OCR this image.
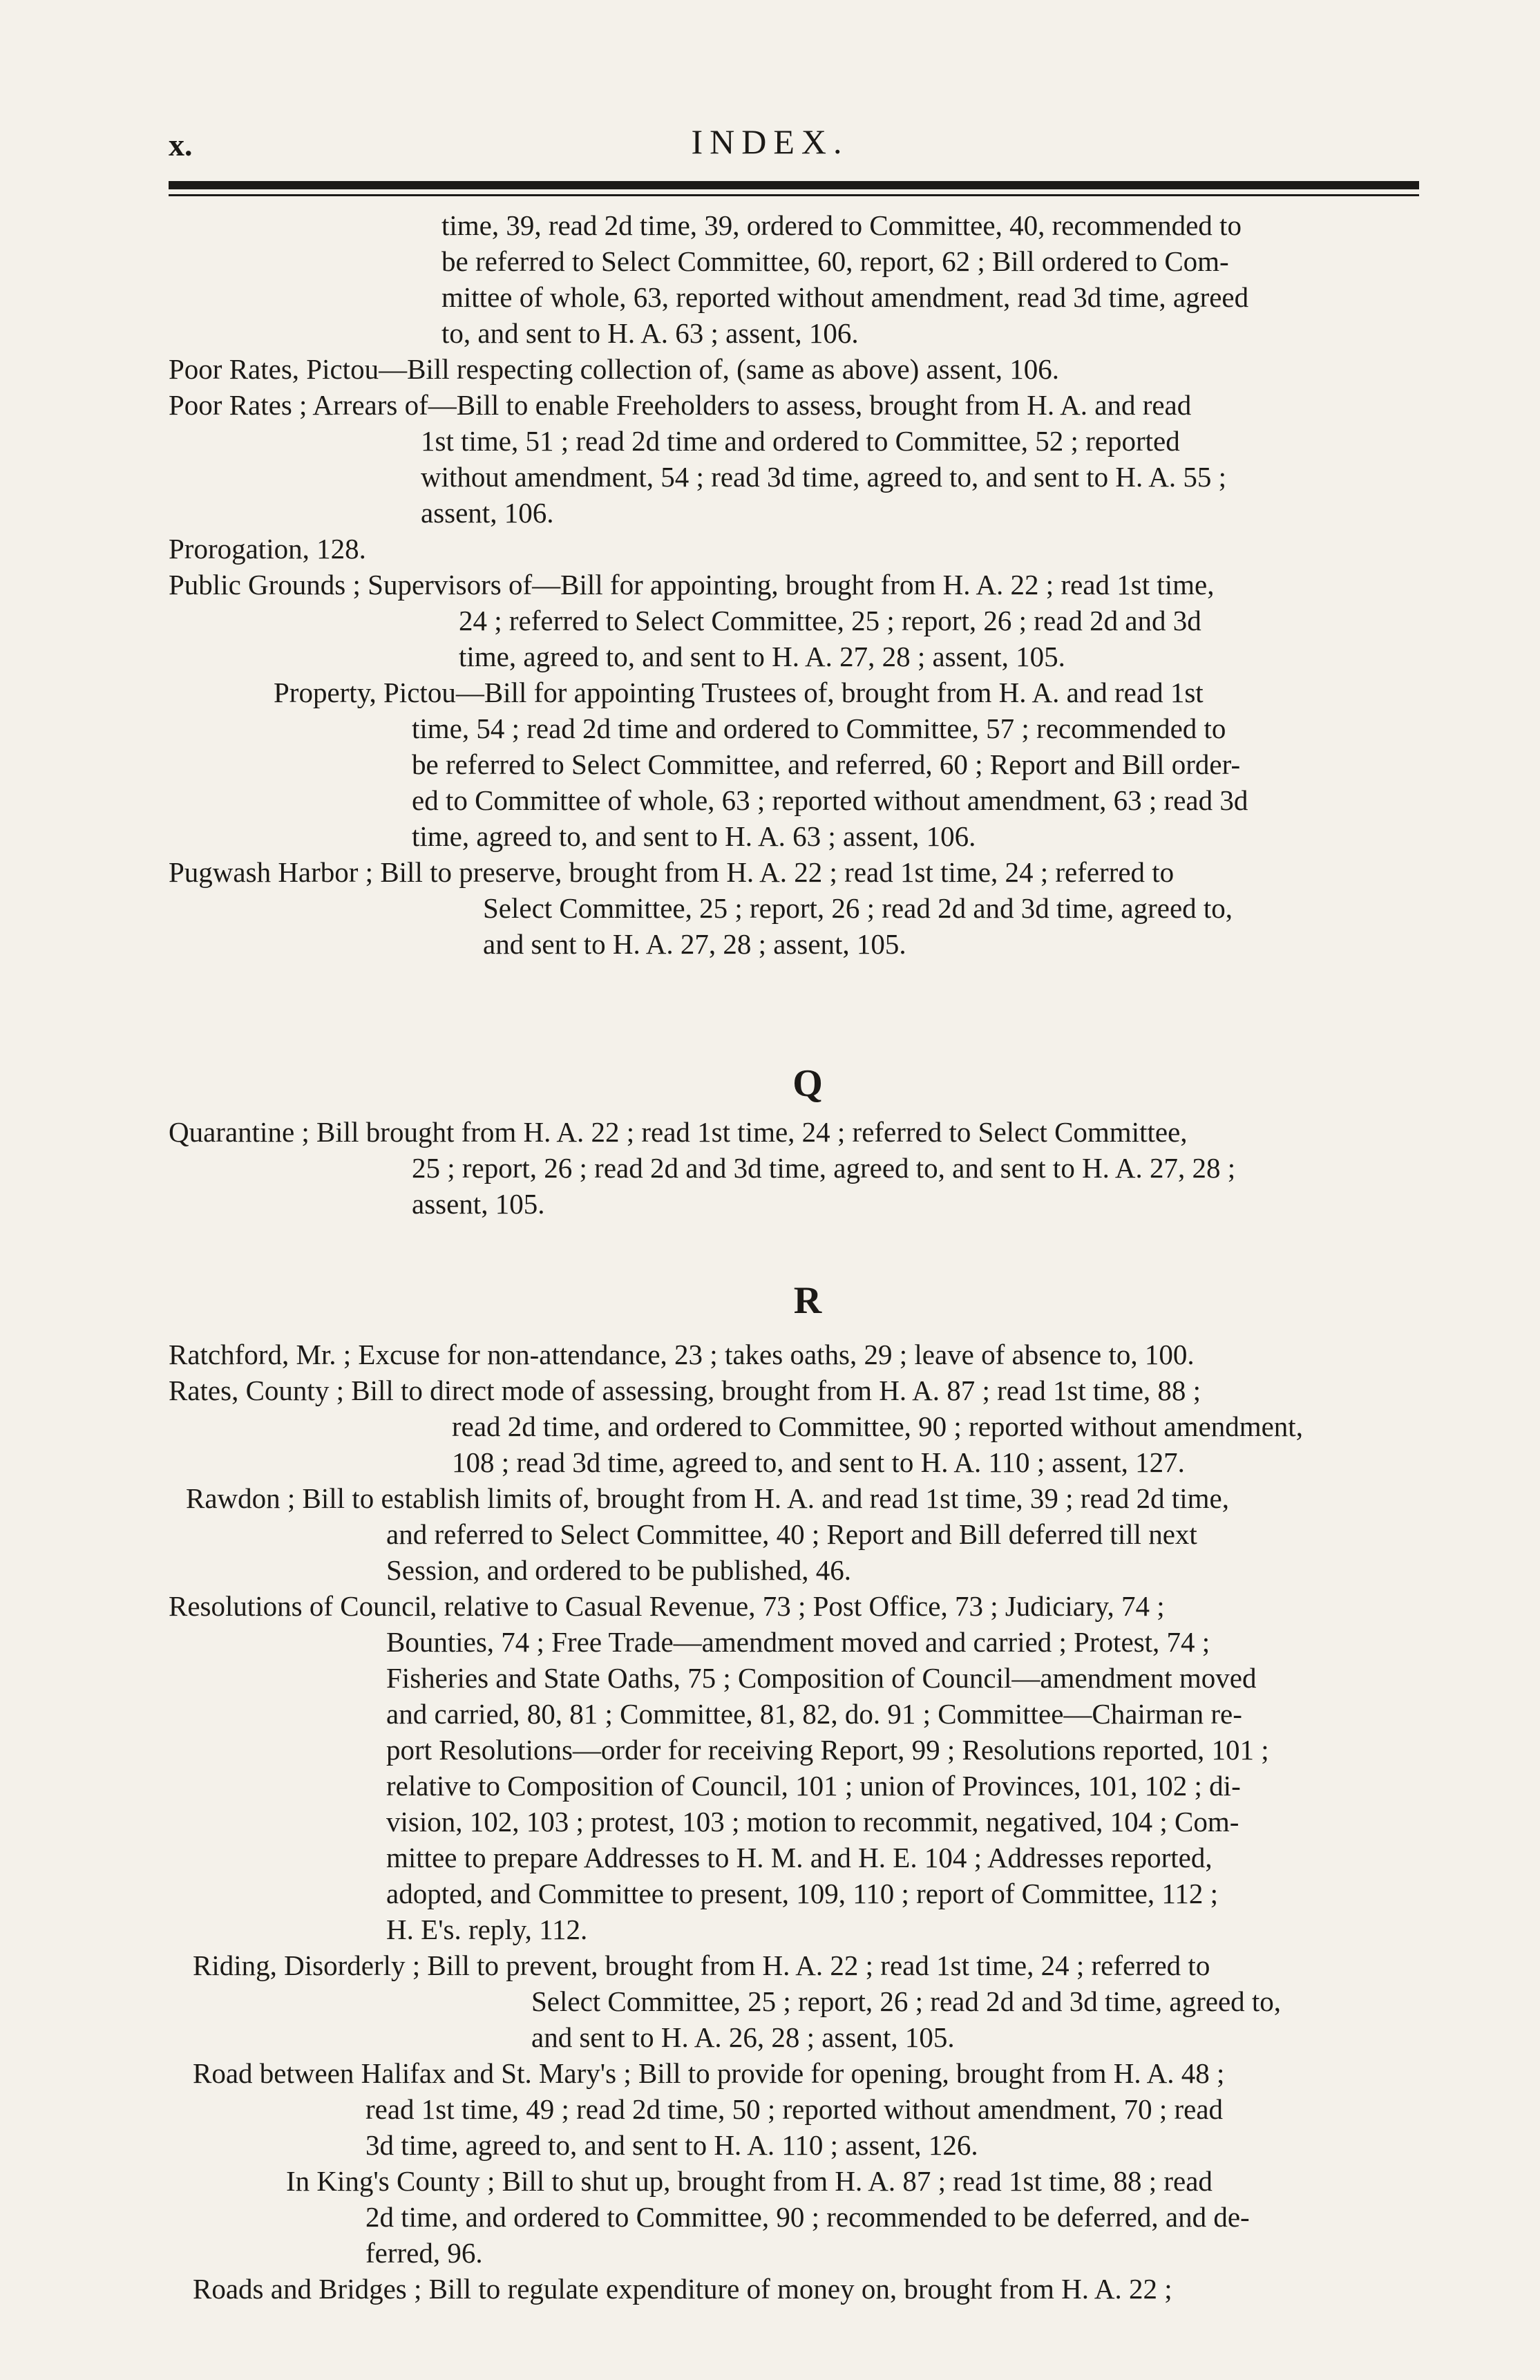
x.	INDEX.
time, 39, read 2d time, 39, ordered to Committee, 40, recommended to
be referred to Select Committee, 60, report, 62 ; Bill ordered to Com-
mittee of whole, 63, reported without amendment, read 3d time, agreed
to, and sent to H. A. 63 ; assent, 106.
Poor Rates, Pictou—Bill respecting collection of, (same as above) assent, 106.
Poor Rates ; Arrears of—Bill to enable Freeholders to assess, brought from H. A. and read
1st time, 51 ; read 2d time and ordered to Committee, 52 ; reported
without amendment, 54 ; read 3d time, agreed to, and sent to H. A. 55 ;
assent, 106.
Prorogation, 128.
Public Grounds ; Supervisors of—Bill for appointing, brought from H. A. 22 ; read 1st time,
24 ; referred to Select Committee, 25 ; report, 26 ; read 2d and 3d
time, agreed to, and sent to H. A. 27, 28 ; assent, 105.
Property, Pictou—Bill for appointing Trustees of, brought from H. A. and read 1st
time, 54 ; read 2d time and ordered to Committee, 57 ; recommended to
be referred to Select Committee, and referred, 60 ; Report and Bill order-
ed to Committee of whole, 63 ; reported without amendment, 63 ; read 3d
time, agreed to, and sent to H. A. 63 ; assent, 106.
Pugwash Harbor ; Bill to preserve, brought from H. A. 22 ; read 1st time, 24 ; referred to
Select Committee, 25 ; report, 26 ; read 2d and 3d time, agreed to,
and sent to H. A. 27, 28 ; assent, 105.
Q
Quarantine ; Bill brought from H. A. 22 ; read 1st time, 24 ; referred to Select Committee,
25 ; report, 26 ; read 2d and 3d time, agreed to, and sent to H. A. 27, 28 ;
assent, 105.
R
Ratchford, Mr. ; Excuse for non-attendance, 23 ; takes oaths, 29 ; leave of absence to, 100.
Rates, County ; Bill to direct mode of assessing, brought from H. A. 87 ; read 1st time, 88 ;
read 2d time, and ordered to Committee, 90 ; reported without amendment,
108 ; read 3d time, agreed to, and sent to H. A. 110 ; assent, 127.
Rawdon ; Bill to establish limits of, brought from H. A. and read 1st time, 39 ; read 2d time,
and referred to Select Committee, 40 ; Report and Bill deferred till next
Session, and ordered to be published, 46.
Resolutions of Council, relative to Casual Revenue, 73 ; Post Office, 73 ; Judiciary, 74 ;
Bounties, 74 ; Free Trade—amendment moved and carried ; Protest, 74 ;
Fisheries and State Oaths, 75 ; Composition of Council—amendment moved
and carried, 80, 81 ; Committee, 81, 82, do. 91 ; Committee—Chairman re-
port Resolutions—order for receiving Report, 99 ; Resolutions reported, 101 ;
relative to Composition of Council, 101 ; union of Provinces, 101, 102 ; di-
vision, 102, 103 ; protest, 103 ; motion to recommit, negatived, 104 ; Com-
mittee to prepare Addresses to H. M. and H. E. 104 ; Addresses reported,
adopted, and Committee to present, 109, 110 ; report of Committee, 112 ;
H. E's. reply, 112.
Riding, Disorderly ; Bill to prevent, brought from H. A. 22 ; read 1st time, 24 ; referred to
Select Committee, 25 ; report, 26 ; read 2d and 3d time, agreed to,
and sent to H. A. 26, 28 ; assent, 105.
Road between Halifax and St. Mary's ; Bill to provide for opening, brought from H. A. 48 ;
read 1st time, 49 ; read 2d time, 50 ; reported without amendment, 70 ; read
3d time, agreed to, and sent to H. A. 110 ; assent, 126.
In King's County ; Bill to shut up, brought from H. A. 87 ; read 1st time, 88 ; read
2d time, and ordered to Committee, 90 ; recommended to be deferred, and de-
ferred, 96.
Roads and Bridges ; Bill to regulate expenditure of money on, brought from H. A. 22 ;
